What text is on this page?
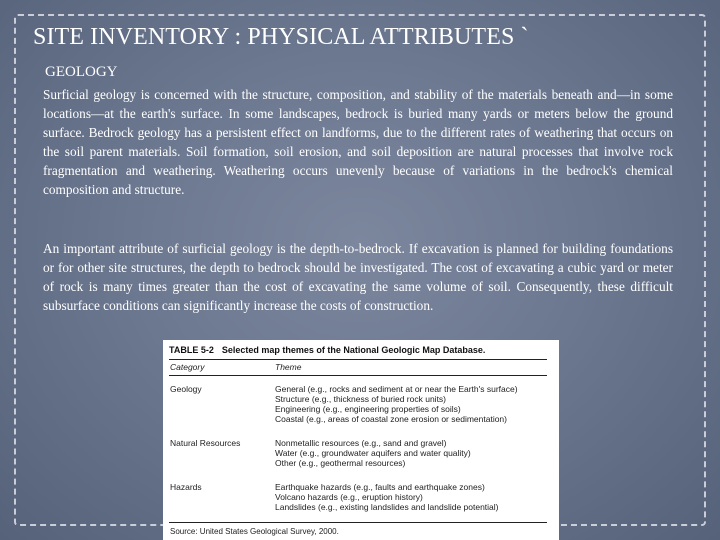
SITE INVENTORY : PHYSICAL ATTRIBUTES `
GEOLOGY

Surficial geology is concerned with the structure, composition, and stability of the materials beneath and—in some locations—at the earth's surface. In some landscapes, bedrock is buried many yards or meters below the ground surface. Bedrock geology has a persistent effect on landforms, due to the different rates of weathering that occurs on the soil parent materials. Soil formation, soil erosion, and soil deposition are natural processes that involve rock fragmentation and weathering. Weathering occurs unevenly because of variations in the bedrock's chemical composition and structure.

An important attribute of surficial geology is the depth-to-bedrock. If excavation is planned for building foundations or for other site structures, the depth to bedrock should be investigated. The cost of excavating a cubic yard or meter of rock is many times greater than the cost of excavating the same volume of soil. Consequently, these difficult subsurface conditions can significantly increase the costs of construction.

TABLE 5-2 Selected map themes of the National Geologic Map Database.
Category	Theme
Geology	General (e.g., rocks and sediment at or near the Earth's surface)
Structure (e.g., thickness of buried rock units)
Engineering (e.g., engineering properties of soils)
Coastal (e.g., areas of coastal zone erosion or sedimentation)
Natural Resources	Nonmetallic resources (e.g., sand and gravel)
Water (e.g., groundwater aquifers and water quality)
Other (e.g., geothermal resources)
Hazards	Earthquake hazards (e.g., faults and earthquake zones)
Volcano hazards (e.g., eruption history)
Landslides (e.g., existing landslides and landslide potential)
Source: United States Geological Survey, 2000.
